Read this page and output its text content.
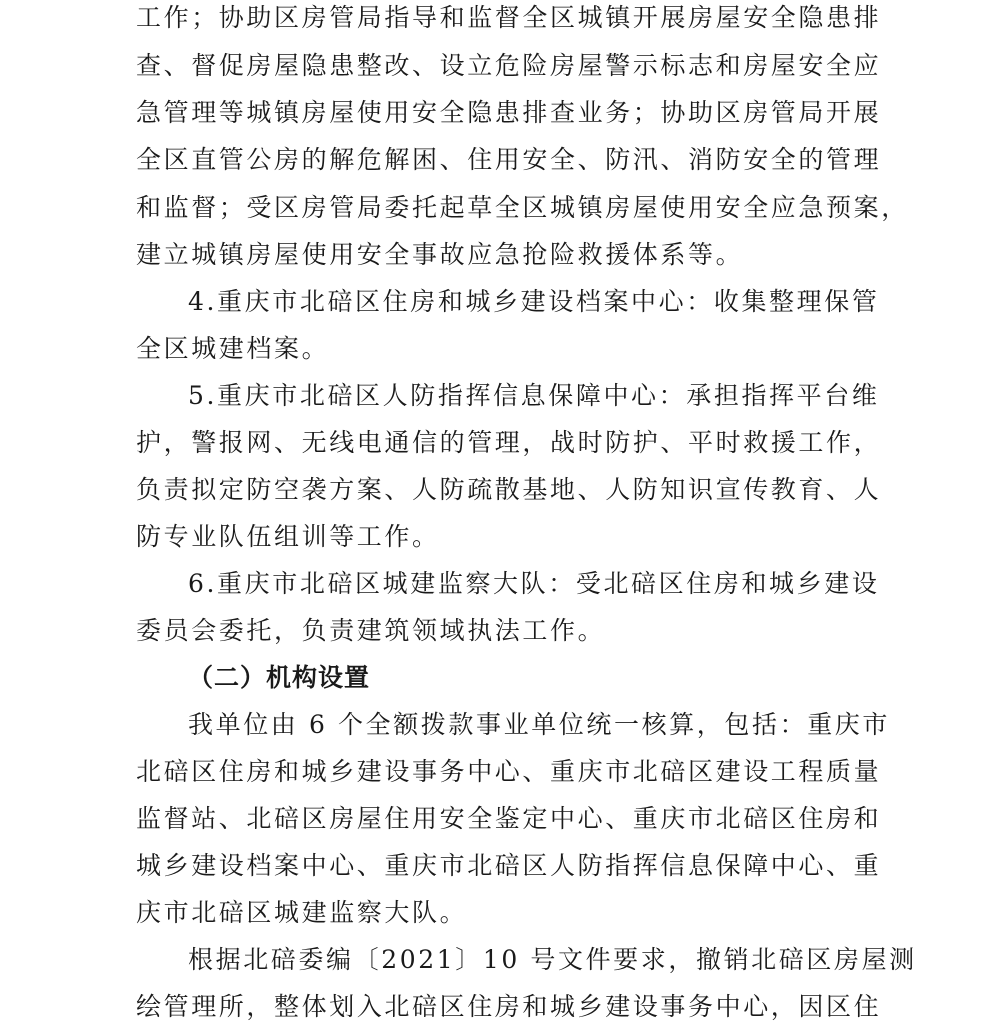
工作；协助区房管局指导和监督全区城镇开展房屋安全隐患排
查、督促房屋隐患整改、设立危险房屋警示标志和房屋安全应
急管理等城镇房屋使用安全隐患排查业务；协助区房管局开展
全区直管公房的解危解困、住用安全、防汛、消防安全的管理
和监督；受区房管局委托起草全区城镇房屋使用安全应急预案，
建立城镇房屋使用安全事故应急抢险救援体系等。
4.重庆市北碚区住房和城乡建设档案中心：收集整理保管
全区城建档案。
5.重庆市北碚区人防指挥信息保障中心：承担指挥平台维
护，警报网、无线电通信的管理，战时防护、平时救援工作，
负责拟定防空袭方案、人防疏散基地、人防知识宣传教育、人
防专业队伍组训等工作。
6.重庆市北碚区城建监察大队：受北碚区住房和城乡建设
委员会委托，负责建筑领域执法工作。
（二）机构设置
我单位由 6 个全额拨款事业单位统一核算，包括：重庆市
北碚区住房和城乡建设事务中心、重庆市北碚区建设工程质量
监督站、北碚区房屋住用安全鉴定中心、重庆市北碚区住房和
城乡建设档案中心、重庆市北碚区人防指挥信息保障中心、重
庆市北碚区城建监察大队。
根据北碚委编〔2021〕10 号文件要求，撤销北碚区房屋测
绘管理所，整体划入北碚区住房和城乡建设事务中心，因区住
